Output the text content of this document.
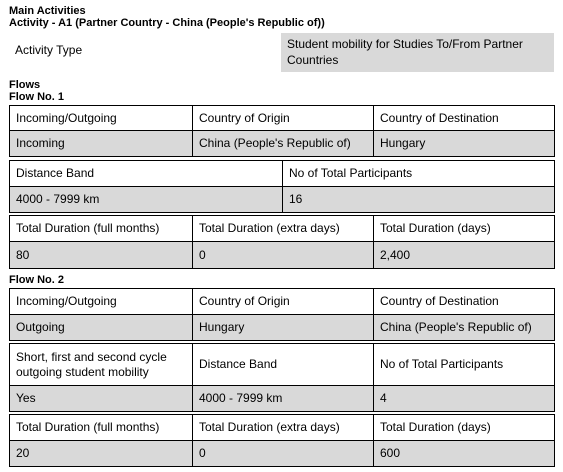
Main Activities
Activity - A1 (Partner Country - China (People's Republic of))
Activity Type	Student mobility for Studies To/From Partner Countries
Flows
Flow No. 1
Incoming/Outgoing	Country of Origin	Country of Destination
Incoming	China (People's Republic of)	Hungary
Distance Band	No of Total Participants
4000 - 7999 km	16
Total Duration (full months)	Total Duration (extra days)	Total Duration (days)
80	0	2,400
Flow No. 2
Incoming/Outgoing	Country of Origin	Country of Destination
Outgoing	Hungary	China (People's Republic of)
Short, first and second cycle outgoing student mobility	Distance Band	No of Total Participants
Yes	4000 - 7999 km	4
Total Duration (full months)	Total Duration (extra days)	Total Duration (days)
20	0	600
